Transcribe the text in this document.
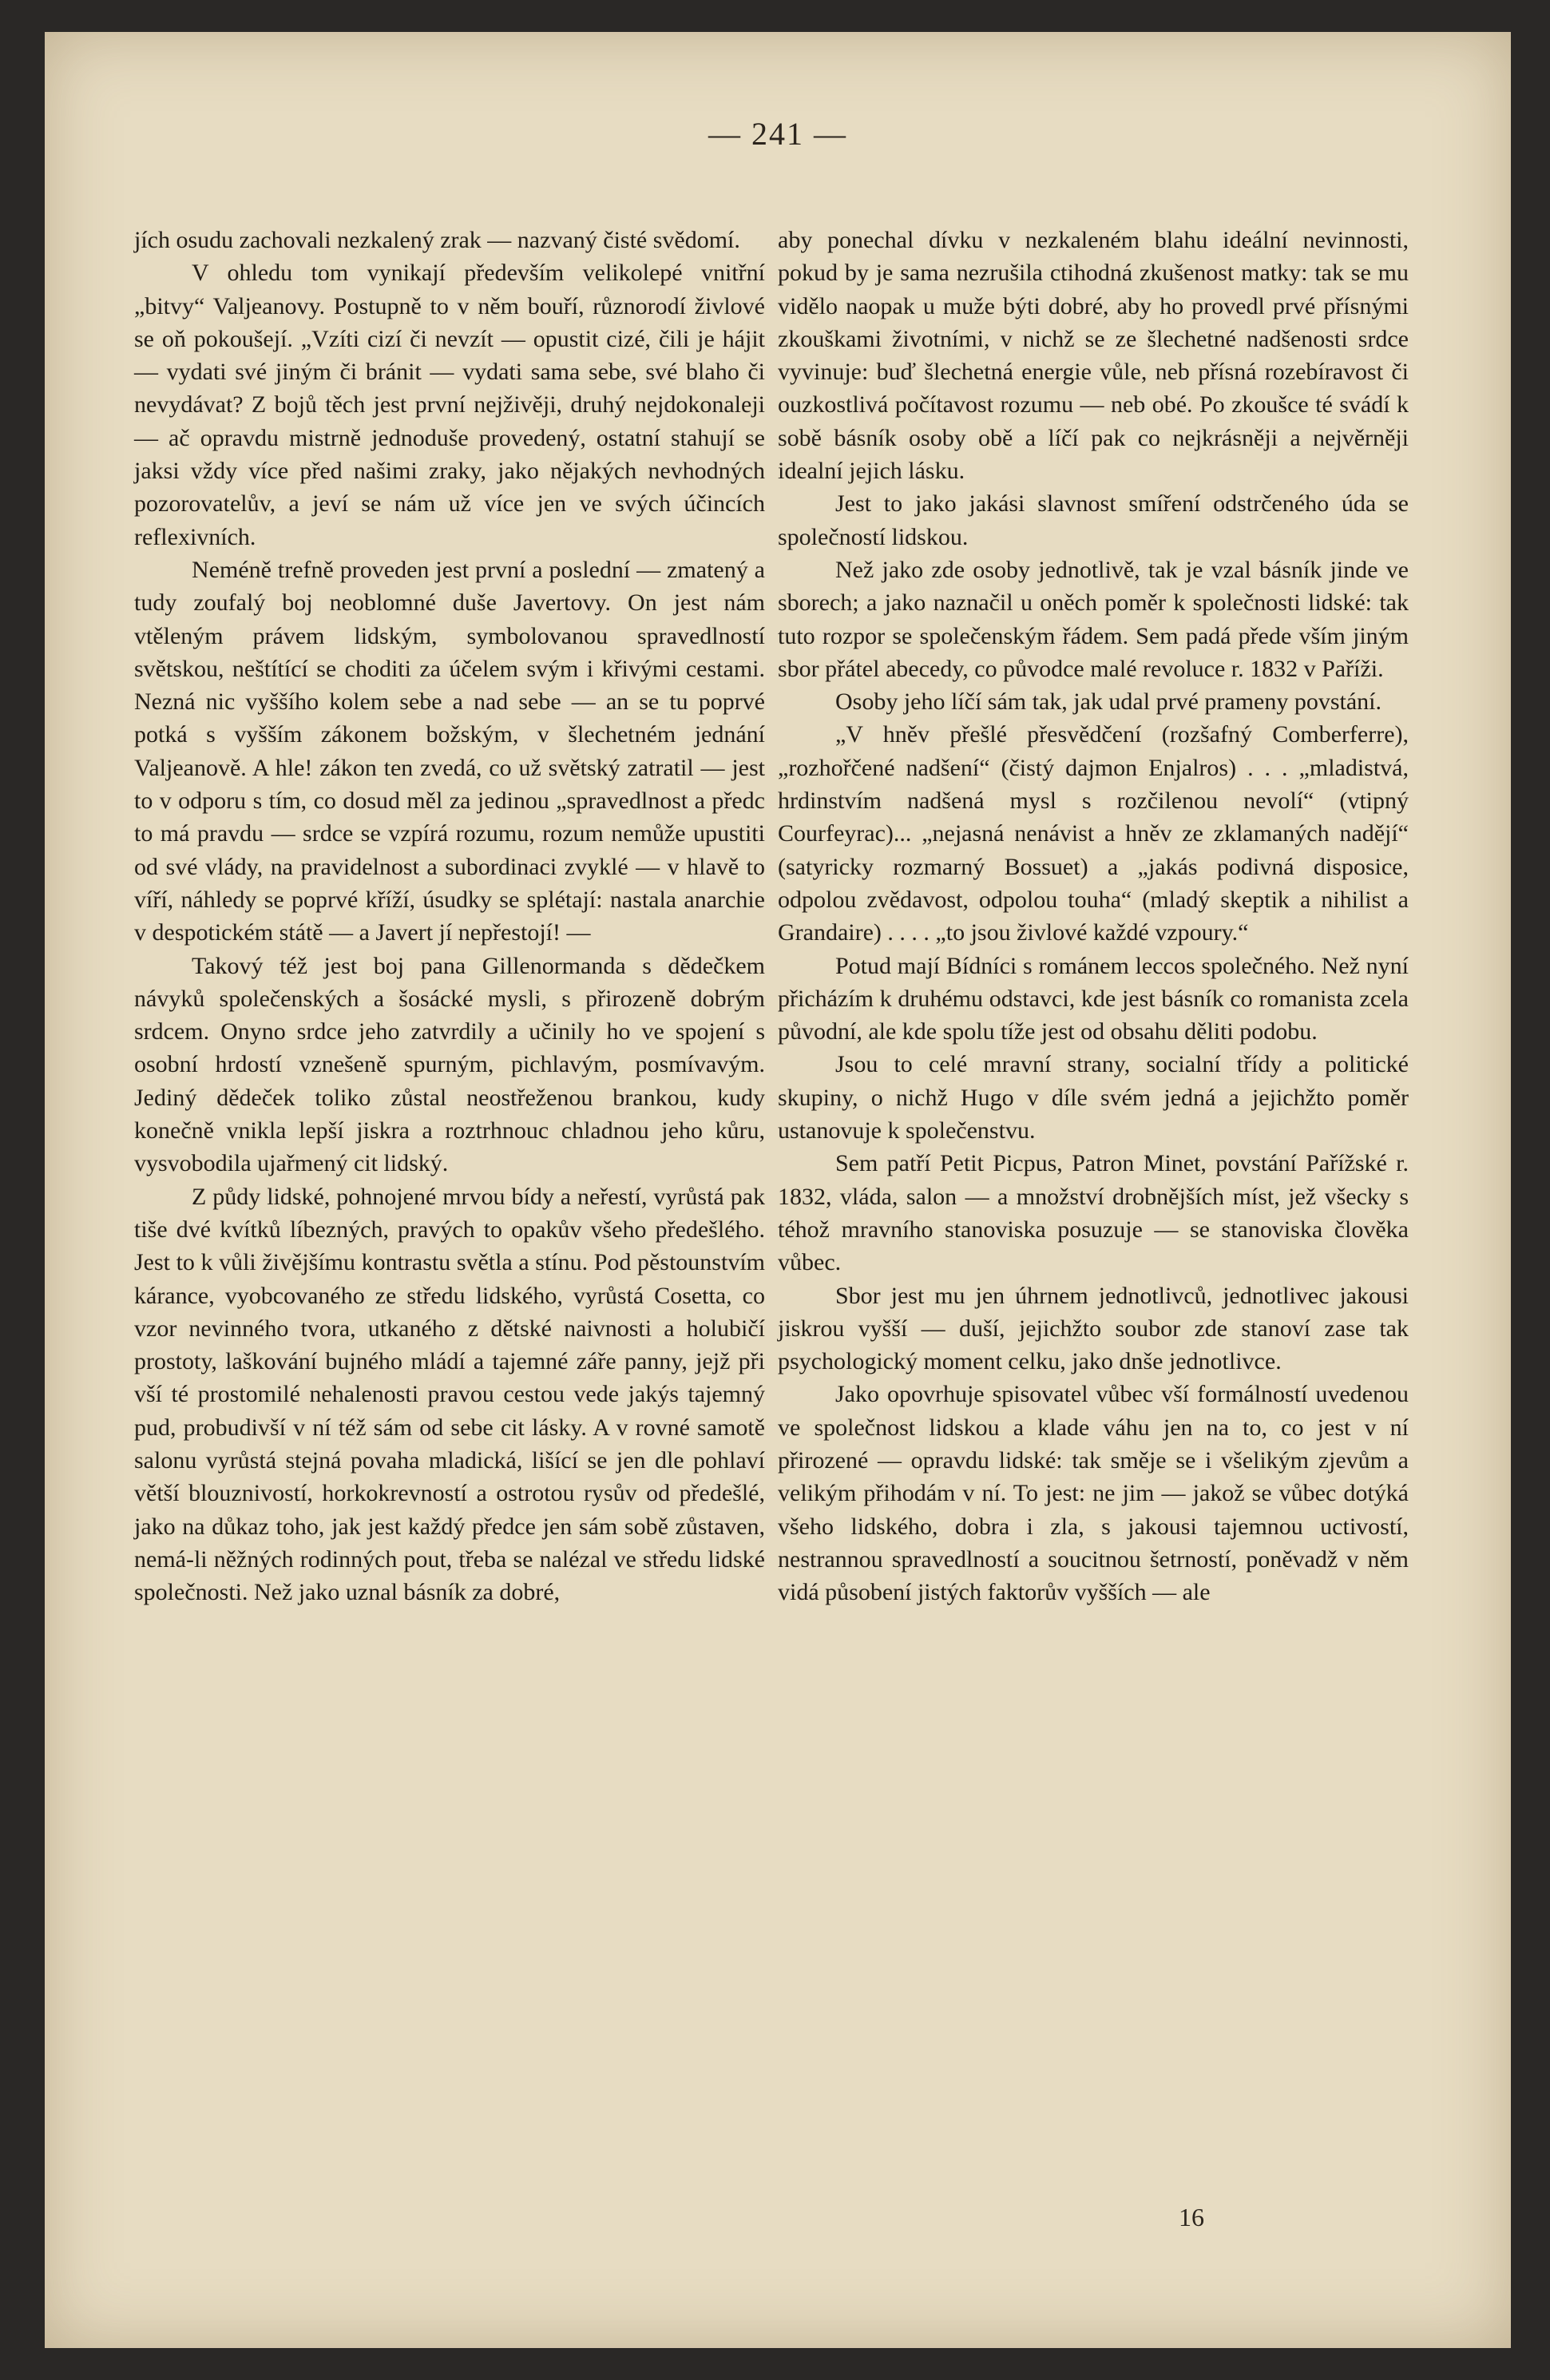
— 241 —

jích osudu zachovali nezkalený zrak — nazvaný čisté svědomí.

V ohledu tom vynikají především velikolepé vnitřní „bitvy“ Valjeanovy. Postupně to v něm bouří, různorodí živlové se oň pokoušejí. „Vzíti cizí či nevzít — opustit cizé, čili je hájit — vydati své jiným či bránit — vydati sama sebe, své blaho či nevydávat? Z bojů těch jest první nejživěji, druhý nejdokonaleji — ač opravdu mistrně jednoduše provedený, ostatní stahují se jaksi vždy více před našimi zraky, jako nějakých nevhodných pozorovatelův, a jeví se nám už více jen ve svých účincích reflexivních.

Neméně trefně proveden jest první a poslední — zmatený a tudy zoufalý boj neoblomné duše Javertovy. On jest nám vtěleným právem lidským, symbolovanou spravedlností světskou, neštítící se choditi za účelem svým i křivými cestami. Nezná nic vyššího kolem sebe a nad sebe — an se tu poprvé potká s vyšším zákonem božským, v šlechetném jednání Valjeanově. A hle! zákon ten zvedá, co už světský zatratil — jest to v odporu s tím, co dosud měl za jedinou „spravedlnost a předc to má pravdu — srdce se vzpírá rozumu, rozum nemůže upustiti od své vlády, na pravidelnost a subordinaci zvyklé — v hlavě to víří, náhledy se poprvé kříží, úsudky se splétají: nastala anarchie v despotickém státě — a Javert jí nepřestojí! —

Takový též jest boj pana Gillenormanda s dědečkem návyků společenských a šosácké mysli, s přirozeně dobrým srdcem. Onyno srdce jeho zatvrdily a učinily ho ve spojení s osobní hrdostí vznešeně spurným, pichlavým, posmívavým. Jediný dědeček toliko zůstal neostřeženou brankou, kudy konečně vnikla lepší jiskra a roztrhnouc chladnou jeho kůru, vysvobodila ujařmený cit lidský.

Z půdy lidské, pohnojené mrvou bídy a neřestí, vyrůstá pak tiše dvé kvítků líbezných, pravých to opakův všeho předešlého. Jest to k vůli živějšímu kontrastu světla a stínu. Pod pěstounstvím kárance, vyobcovaného ze středu lidského, vyrůstá Cosetta, co vzor nevinného tvora, utkaného z dětské naivnosti a holubičí prostoty, laškování bujného mládí a tajemné záře panny, jejž při vší té prostomilé nehalenosti pravou cestou vede jakýs tajemný pud, probudivší v ní též sám od sebe cit lásky. A v rovné samotě salonu vyrůstá stejná povaha mladická, lišící se jen dle pohlaví větší blouznivostí, horkokrevností a ostrotou rysův od předešlé, jako na důkaz toho, jak jest každý předce jen sám sobě zůstaven, nemá-li něžných rodinných pout, třeba se nalézal ve středu lidské společnosti. Než jako uznal básník za dobré,

aby ponechal dívku v nezkaleném blahu ideální nevinnosti, pokud by je sama nezrušila ctihodná zkušenost matky: tak se mu vidělo naopak u muže býti dobré, aby ho provedl prvé přísnými zkouškami životními, v nichž se ze šlechetné nadšenosti srdce vyvinuje: buď šlechetná energie vůle, neb přísná rozebíravost či ouzkostlivá počítavost rozumu — neb obé. Po zkoušce té svádí k sobě básník osoby obě a líčí pak co nejkrásněji a nejvěrněji idealní jejich lásku.

Jest to jako jakási slavnost smíření odstrčeného úda se společností lidskou.

Než jako zde osoby jednotlivě, tak je vzal básník jinde ve sborech; a jako naznačil u oněch poměr k společnosti lidské: tak tuto rozpor se společenským řádem. Sem padá přede vším jiným sbor přátel abecedy, co původce malé revoluce r. 1832 v Paříži.

Osoby jeho líčí sám tak, jak udal prvé prameny povstání.

„V hněv přešlé přesvědčení (rozšafný Comberferre), „rozhořčené nadšení“ (čistý dajmon Enjalros) . . . „mladistvá, hrdinstvím nadšená mysl s rozčilenou nevolí“ (vtipný Courfeyrac)... „nejasná nenávist a hněv ze zklamaných nadějí“ (satyricky rozmarný Bossuet) a „jakás podivná disposice, odpolou zvědavost, odpolou touha“ (mladý skeptik a nihilist a Grandaire) . . . . „to jsou živlové každé vzpoury.“

Potud mají Bídníci s románem leccos společného. Než nyní přicházím k druhému odstavci, kde jest básník co romanista zcela původní, ale kde spolu tíže jest od obsahu děliti podobu.

Jsou to celé mravní strany, socialní třídy a politické skupiny, o nichž Hugo v díle svém jedná a jejichžto poměr ustanovuje k společenstvu.

Sem patří Petit Picpus, Patron Minet, povstání Pařížské r. 1832, vláda, salon — a množství drobnějších míst, jež všecky s téhož mravního stanoviska posuzuje — se stanoviska člověka vůbec.

Sbor jest mu jen úhrnem jednotlivců, jednotlivec jakousi jiskrou vyšší — duší, jejichžto soubor zde stanoví zase tak psychologický moment celku, jako dnše jednotlivce.

Jako opovrhuje spisovatel vůbec vší formálností uvedenou ve společnost lidskou a klade váhu jen na to, co jest v ní přirozené — opravdu lidské: tak směje se i všelikým zjevům a velikým přihodám v ní. To jest: ne jim — jakož se vůbec dotýká všeho lidského, dobra i zla, s jakousi tajemnou uctivostí, nestrannou spravedlností a soucitnou šetrností, poněvadž v něm vidá působení jistých faktorův vyšších — ale

16
